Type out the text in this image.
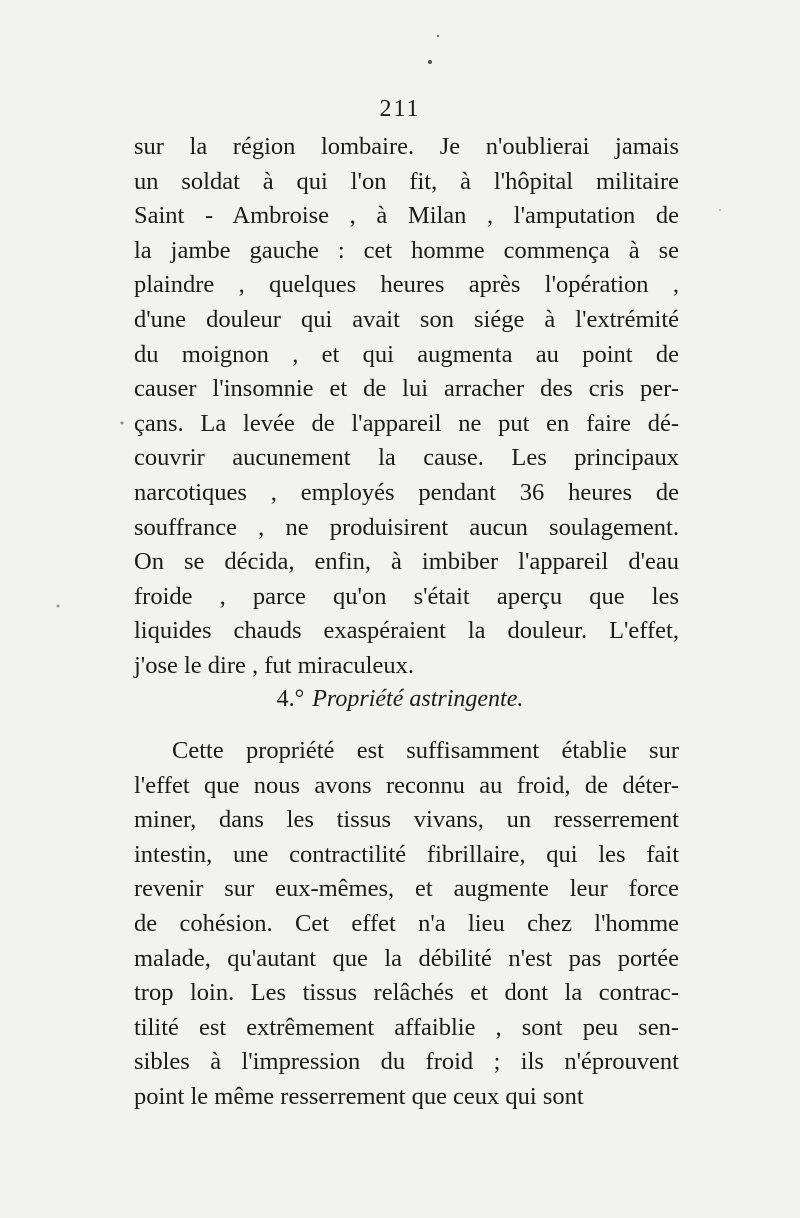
211
sur la région lombaire. Je n'oublierai jamais
un soldat à qui l'on fit, à l'hôpital militaire
Saint - Ambroise , à Milan , l'amputation de
la jambe gauche : cet homme commença à se
plaindre , quelques heures après l'opération ,
d'une douleur qui avait son siége à l'extrémité
du moignon , et qui augmenta au point de
causer l'insomnie et de lui arracher des cris per-
çans. La levée de l'appareil ne put en faire dé-
couvrir aucunement la cause. Les principaux
narcotiques , employés pendant 36 heures de
souffrance , ne produisirent aucun soulagement.
On se décida, enfin, à imbiber l'appareil d'eau
froide , parce qu'on s'était aperçu que les
liquides chauds exaspéraient la douleur. L'effet,
j'ose le dire , fut miraculeux.
4.° Propriété astringente.
Cette propriété est suffisamment établie sur
l'effet que nous avons reconnu au froid, de déter-
miner, dans les tissus vivans, un resserrement
intestin, une contractilité fibrillaire, qui les fait
revenir sur eux-mêmes, et augmente leur force
de cohésion. Cet effet n'a lieu chez l'homme
malade, qu'autant que la débilité n'est pas portée
trop loin. Les tissus relâchés et dont la contrac-
tilité est extrêmement affaiblie , sont peu sen-
sibles à l'impression du froid ; ils n'éprouvent
point le même resserrement que ceux qui sont
